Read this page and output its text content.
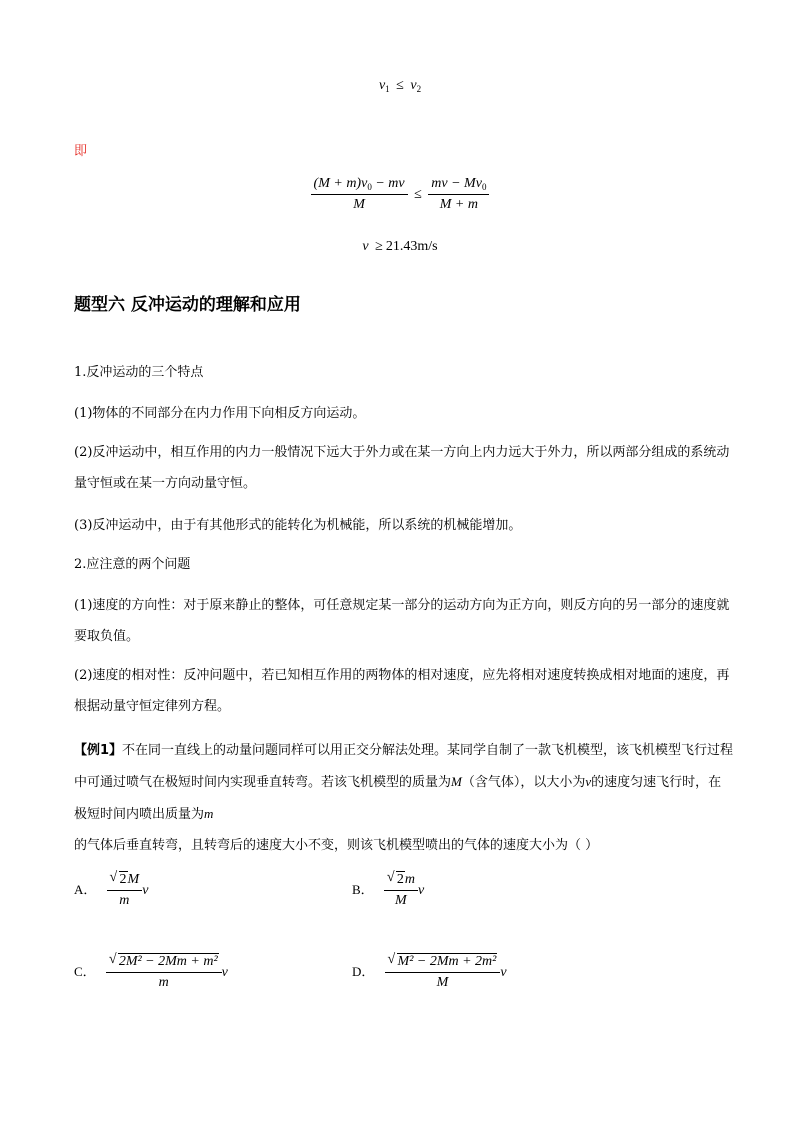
$v_1 \le v_2$
即
$\frac{(M + m)v_0 - mv}{M} \le \frac{mv - Mv_0}{M + m}$
v ≥ 21.43m/s
题型六 反冲运动的理解和应用
1.反冲运动的三个特点
(1)物体的不同部分在内力作用下向相反方向运动。
(2)反冲运动中，相互作用的内力一般情况下远大于外力或在某一方向上内力远大于外力，所以两部分组成的系统动量守恒或在某一方向动量守恒。
(3)反冲运动中，由于有其他形式的能转化为机械能，所以系统的机械能增加。
2.应注意的两个问题
(1)速度的方向性：对于原来静止的整体，可任意规定某一部分的运动方向为正方向，则反方向的另一部分的速度就要取负值。
(2)速度的相对性：反冲问题中，若已知相互作用的两物体的相对速度，应先将相对速度转换成相对地面的速度，再根据动量守恒定律列方程。
【例1】不在同一直线上的动量问题同样可以用正交分解法处理。某同学自制了一款飞机模型，该飞机模型飞行过程中可通过喷气在极短时间内实现垂直转弯。若该飞机模型的质量为M（含气体），以大小为v的速度匀速飞行时，在极短时间内喷出质量为m的气体后垂直转弯，且转弯后的速度大小不变，则该飞机模型喷出的气体的速度大小为（ ）
A． $\frac{√ 2M}{m}$ v	B． $\frac{√ 2m}{M}$ v
C． $\frac{\text{√ 2M² − 2Mm + m²}}{m}$ v	D． $\frac{\text{√ M² − 2Mm + 2m²}}{M}$ v
